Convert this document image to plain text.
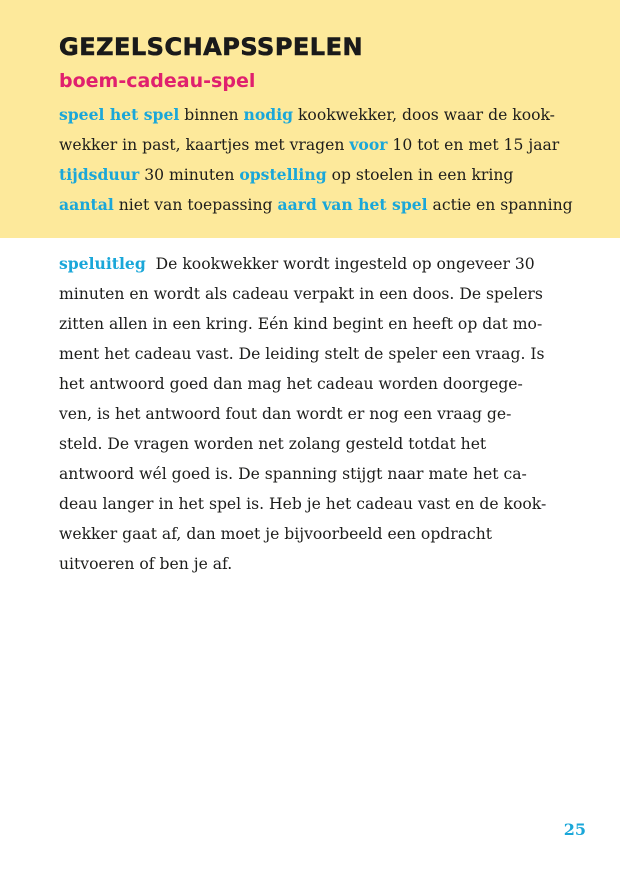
GEZELSCHAPSSPELEN
boem-cadeau-spel
speel het spel binnen nodig kookwekker, doos waar de kook-
wekker in past, kaartjes met vragen voor 10 tot en met 15 jaar
tijdsduur 30 minuten opstelling op stoelen in een kring
aantal niet van toepassing aard van het spel actie en spanning
speluitleg De kookwekker wordt ingesteld op ongeveer 30
minuten en wordt als cadeau verpakt in een doos. De spelers
zitten allen in een kring. Eén kind begint en heeft op dat mo-
ment het cadeau vast. De leiding stelt de speler een vraag. Is
het antwoord goed dan mag het cadeau worden doorgege-
ven, is het antwoord fout dan wordt er nog een vraag ge-
steld. De vragen worden net zolang gesteld totdat het
antwoord wél goed is. De spanning stijgt naar mate het ca-
deau langer in het spel is. Heb je het cadeau vast en de kook-
wekker gaat af, dan moet je bijvoorbeeld een opdracht
uitvoeren of ben je af.
25
